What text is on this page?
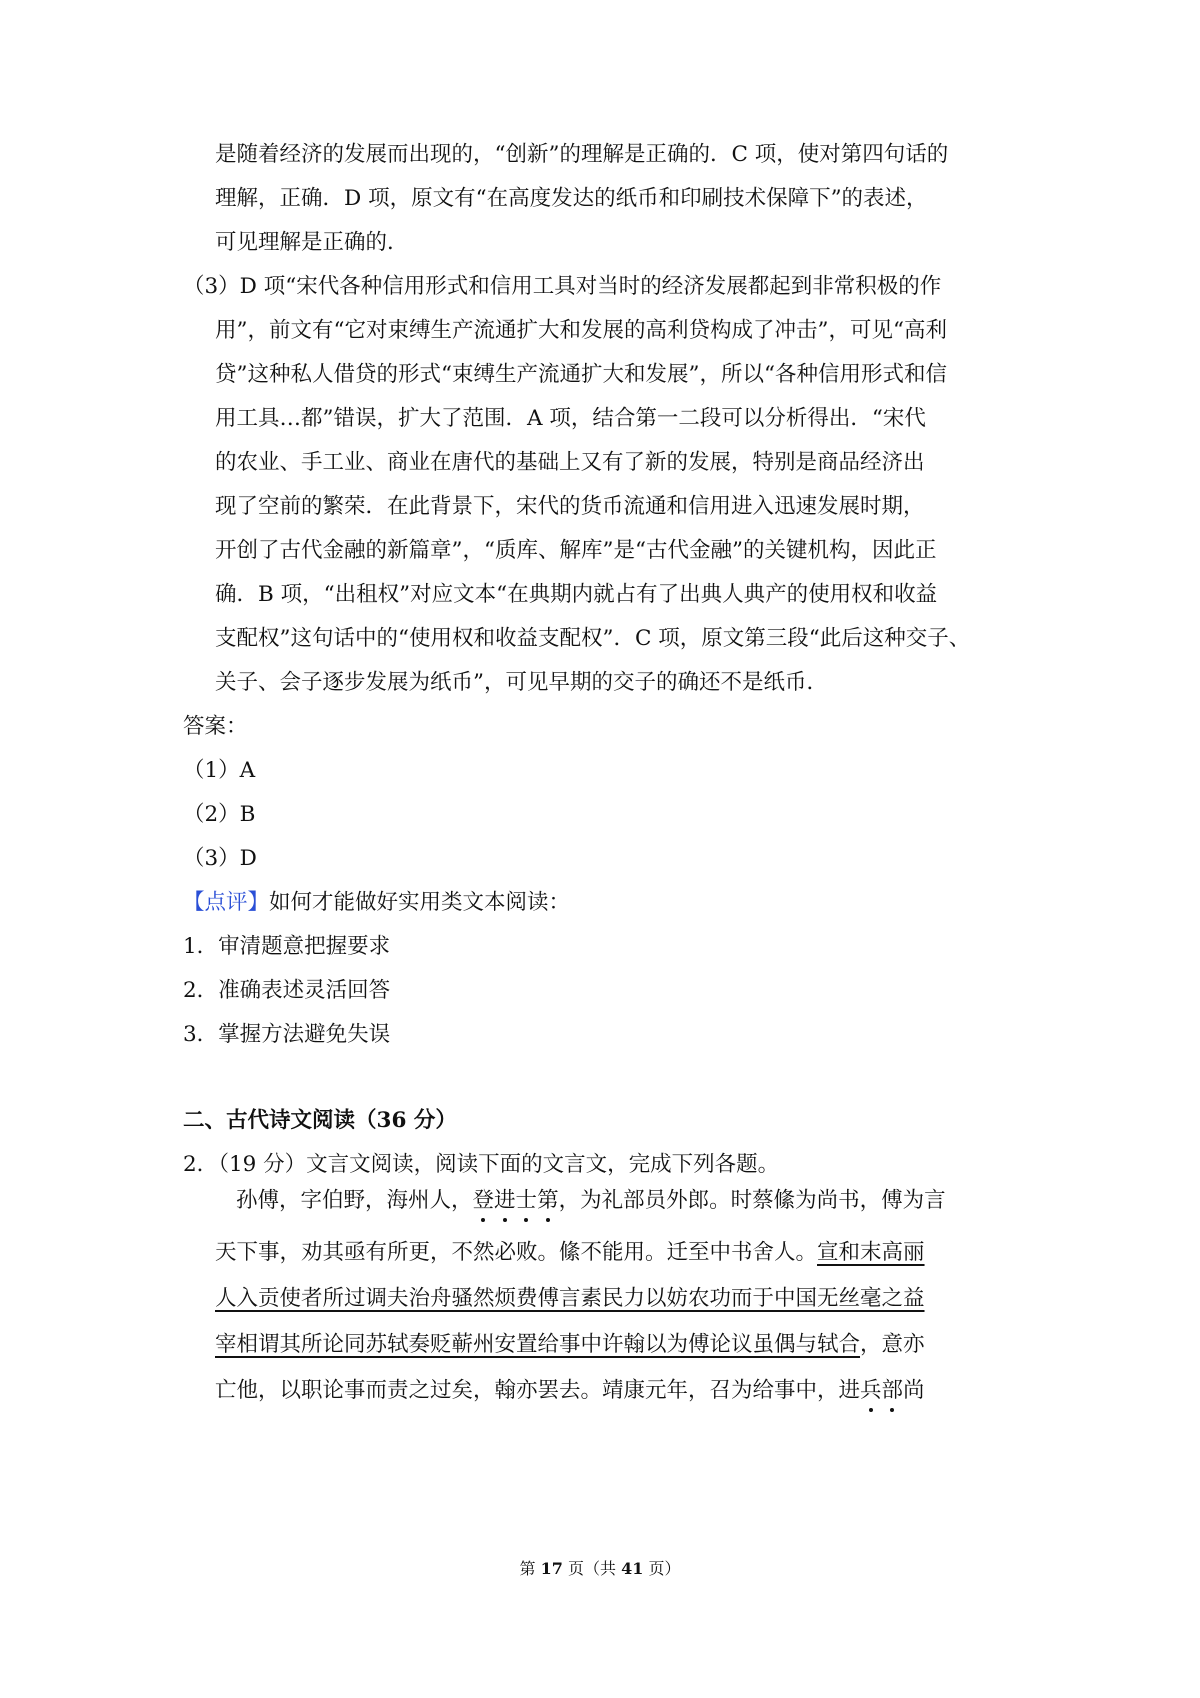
是随着经济的发展而出现的，“创新”的理解是正确的．C 项，使对第四句话的
理解，正确．D 项，原文有“在高度发达的纸币和印刷技术保障下”的表述，
可见理解是正确的．
（3）D 项“宋代各种信用形式和信用工具对当时的经济发展都起到非常积极的作
用”，前文有“它对束缚生产流通扩大和发展的高利贷构成了冲击”，可见“高利
贷”这种私人借贷的形式“束缚生产流通扩大和发展”，所以“各种信用形式和信
用工具…都”错误，扩大了范围．A 项，结合第一二段可以分析得出．“宋代
的农业、手工业、商业在唐代的基础上又有了新的发展，特别是商品经济出
现了空前的繁荣．在此背景下，宋代的货币流通和信用进入迅速发展时期，
开创了古代金融的新篇章”，“质库、解库”是“古代金融”的关键机构，因此正
确．B 项，“出租权”对应文本“在典期内就占有了出典人典产的使用权和收益
支配权”这句话中的“使用权和收益支配权”．C 项，原文第三段“此后这种交子、
关子、会子逐步发展为纸币”，可见早期的交子的确还不是纸币．
答案：
（1）A
（2）B
（3）D
【点评】如何才能做好实用类文本阅读：
1．审清题意把握要求
2．准确表述灵活回答
3．掌握方法避免失误
二、古代诗文阅读（36 分）
2．（19 分）文言文阅读，阅读下面的文言文，完成下列各题。
孙傅，字伯野，海州人，登进士第，为礼部员外郎。时蔡絛为尚书，傅为言
天下事，劝其亟有所更，不然必败。絛不能用。迁至中书舍人。宣和末高丽
人入贡使者所过调夫治舟骚然烦费傅言素民力以妨农功而于中国无丝毫之益
宰相谓其所论同苏轼奏贬蕲州安置给事中许翰以为傅论议虽偶与轼合，意亦
亡他，以职论事而责之过矣，翰亦罢去。靖康元年，召为给事中，进兵部尚
第 17 页（共 41 页）
